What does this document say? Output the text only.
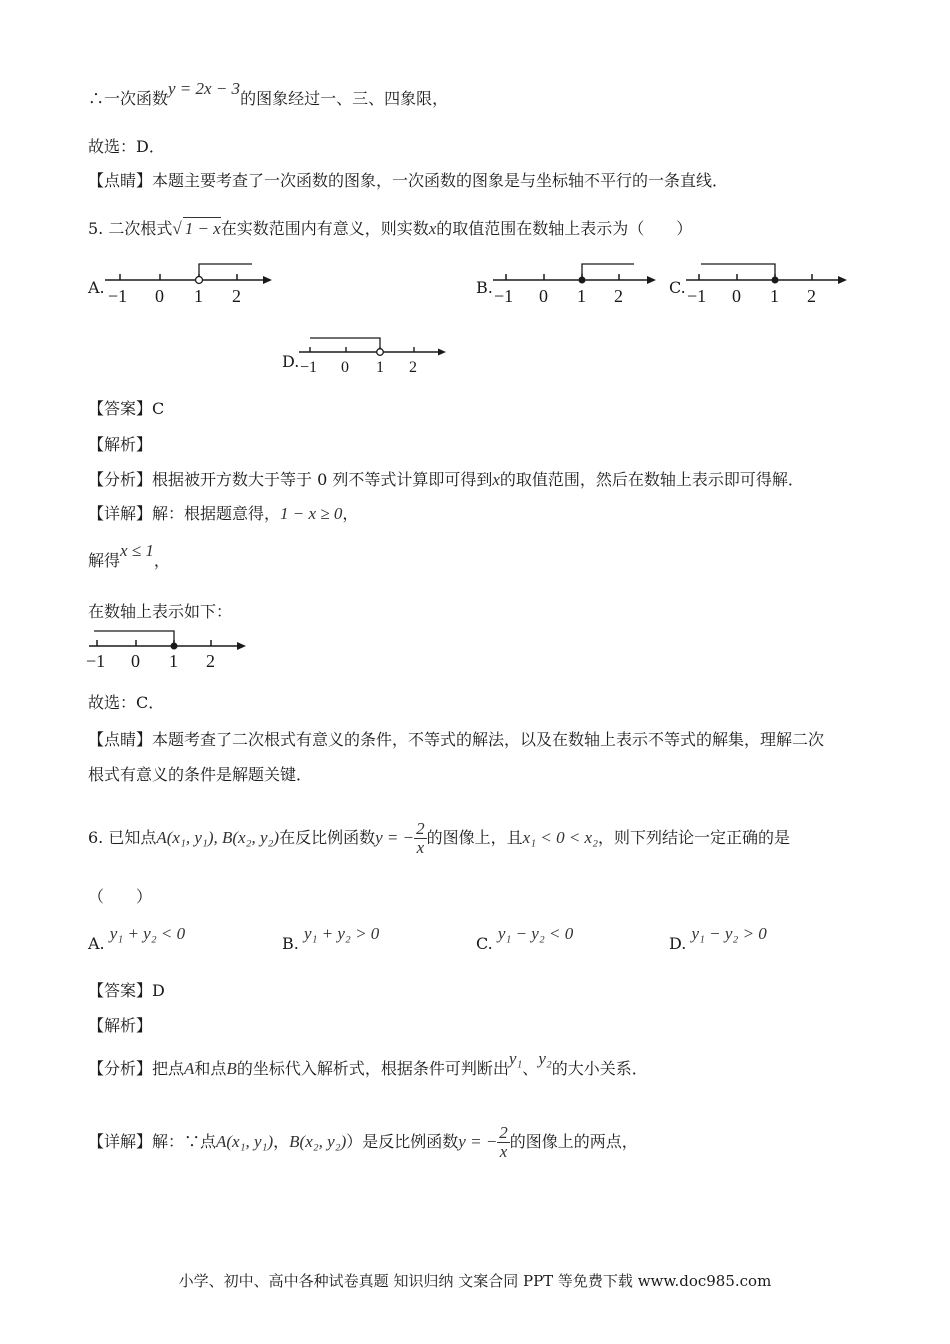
∴一次函数y = 2x − 3的图象经过一、三、四象限，
故选：D．
【点睛】本题主要考查了一次函数的图象，一次函数的图象是与坐标轴不平行的一条直线．
5. 二次根式√ 1 − x在实数范围内有意义，则实数x的取值范围在数轴上表示为（　　）
A. −1 0 1 2	B. −1 0 1 2	C. −1 0 1 2
D. −1 0 1 2
【答案】C
【解析】
【分析】根据被开方数大于等于 0 列不等式计算即可得到x的取值范围，然后在数轴上表示即可得解．
【详解】解：根据题意得，1 − x ≥ 0，
解得x ≤ 1，
在数轴上表示如下：
−1 0 1 2
故选：C．
【点睛】本题考查了二次根式有意义的条件，不等式的解法，以及在数轴上表示不等式的解集，理解二次
根式有意义的条件是解题关键．
6. 已知点A(x₁, y₁), B(x₂, y₂)在反比例函数y = − $\frac{2}{x}$ 的图像上，且x₁ < 0 < x₂，则下列结论一定正确的是
（　　）
A. y₁ + y₂ < 0
B. y₁ + y₂ > 0
C. y₁ − y₂ < 0
D. y₁ − y₂ > 0
【答案】D
【解析】
【分析】把点A和点B的坐标代入解析式，根据条件可判断出y₁、y₂的大小关系．
【详解】解：∵点A(x₁, y₁)，B(x₂, y₂)）是反比例函数y = − $\frac{2}{x}$ 的图像上的两点，
小学、初中、高中各种试卷真题 知识归纳 文案合同 PPT 等免费下载 www.doc985.com
